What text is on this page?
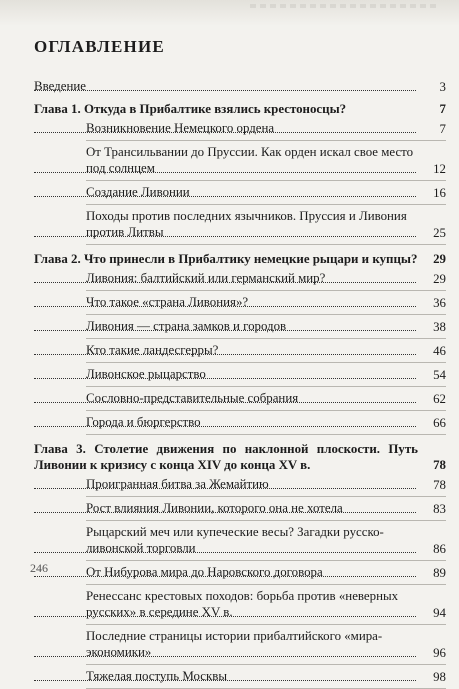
ОГЛАВЛЕНИЕ
Введение	3
Глава 1. Откуда в Прибалтике взялись крестоносцы?	7
Возникновение Немецкого ордена	7
От Трансильвании до Пруссии. Как орден искал свое место под солнцем	12
Создание Ливонии	16
Походы против последних язычников. Пруссия и Ливония против Литвы	25
Глава 2. Что принесли в Прибалтику немецкие рыцари и купцы?	29
Ливония: балтийский или германский мир?	29
Что такое «страна Ливония»?	36
Ливония — страна замков и городов	38
Кто такие ландесгерры?	46
Ливонское рыцарство	54
Сословно-представительные собрания	62
Города и бюргерство	66
Глава 3. Столетие движения по наклонной плоскости. Путь Ливонии к кризису с конца XIV до конца XV в.	78
Проигранная битва за Жемайтию	78
Рост влияния Ливонии, которого она не хотела	83
Рыцарский меч или купеческие весы? Загадки русско-ливонской торговли	86
От Нибурова мира до Наровского договора	89
Ренессанс крестовых походов: борьба против «неверных русских» в середине XV в.	94
Последние страницы истории прибалтийского «мира-экономики»	96
Тяжелая поступь Москвы	98
246
